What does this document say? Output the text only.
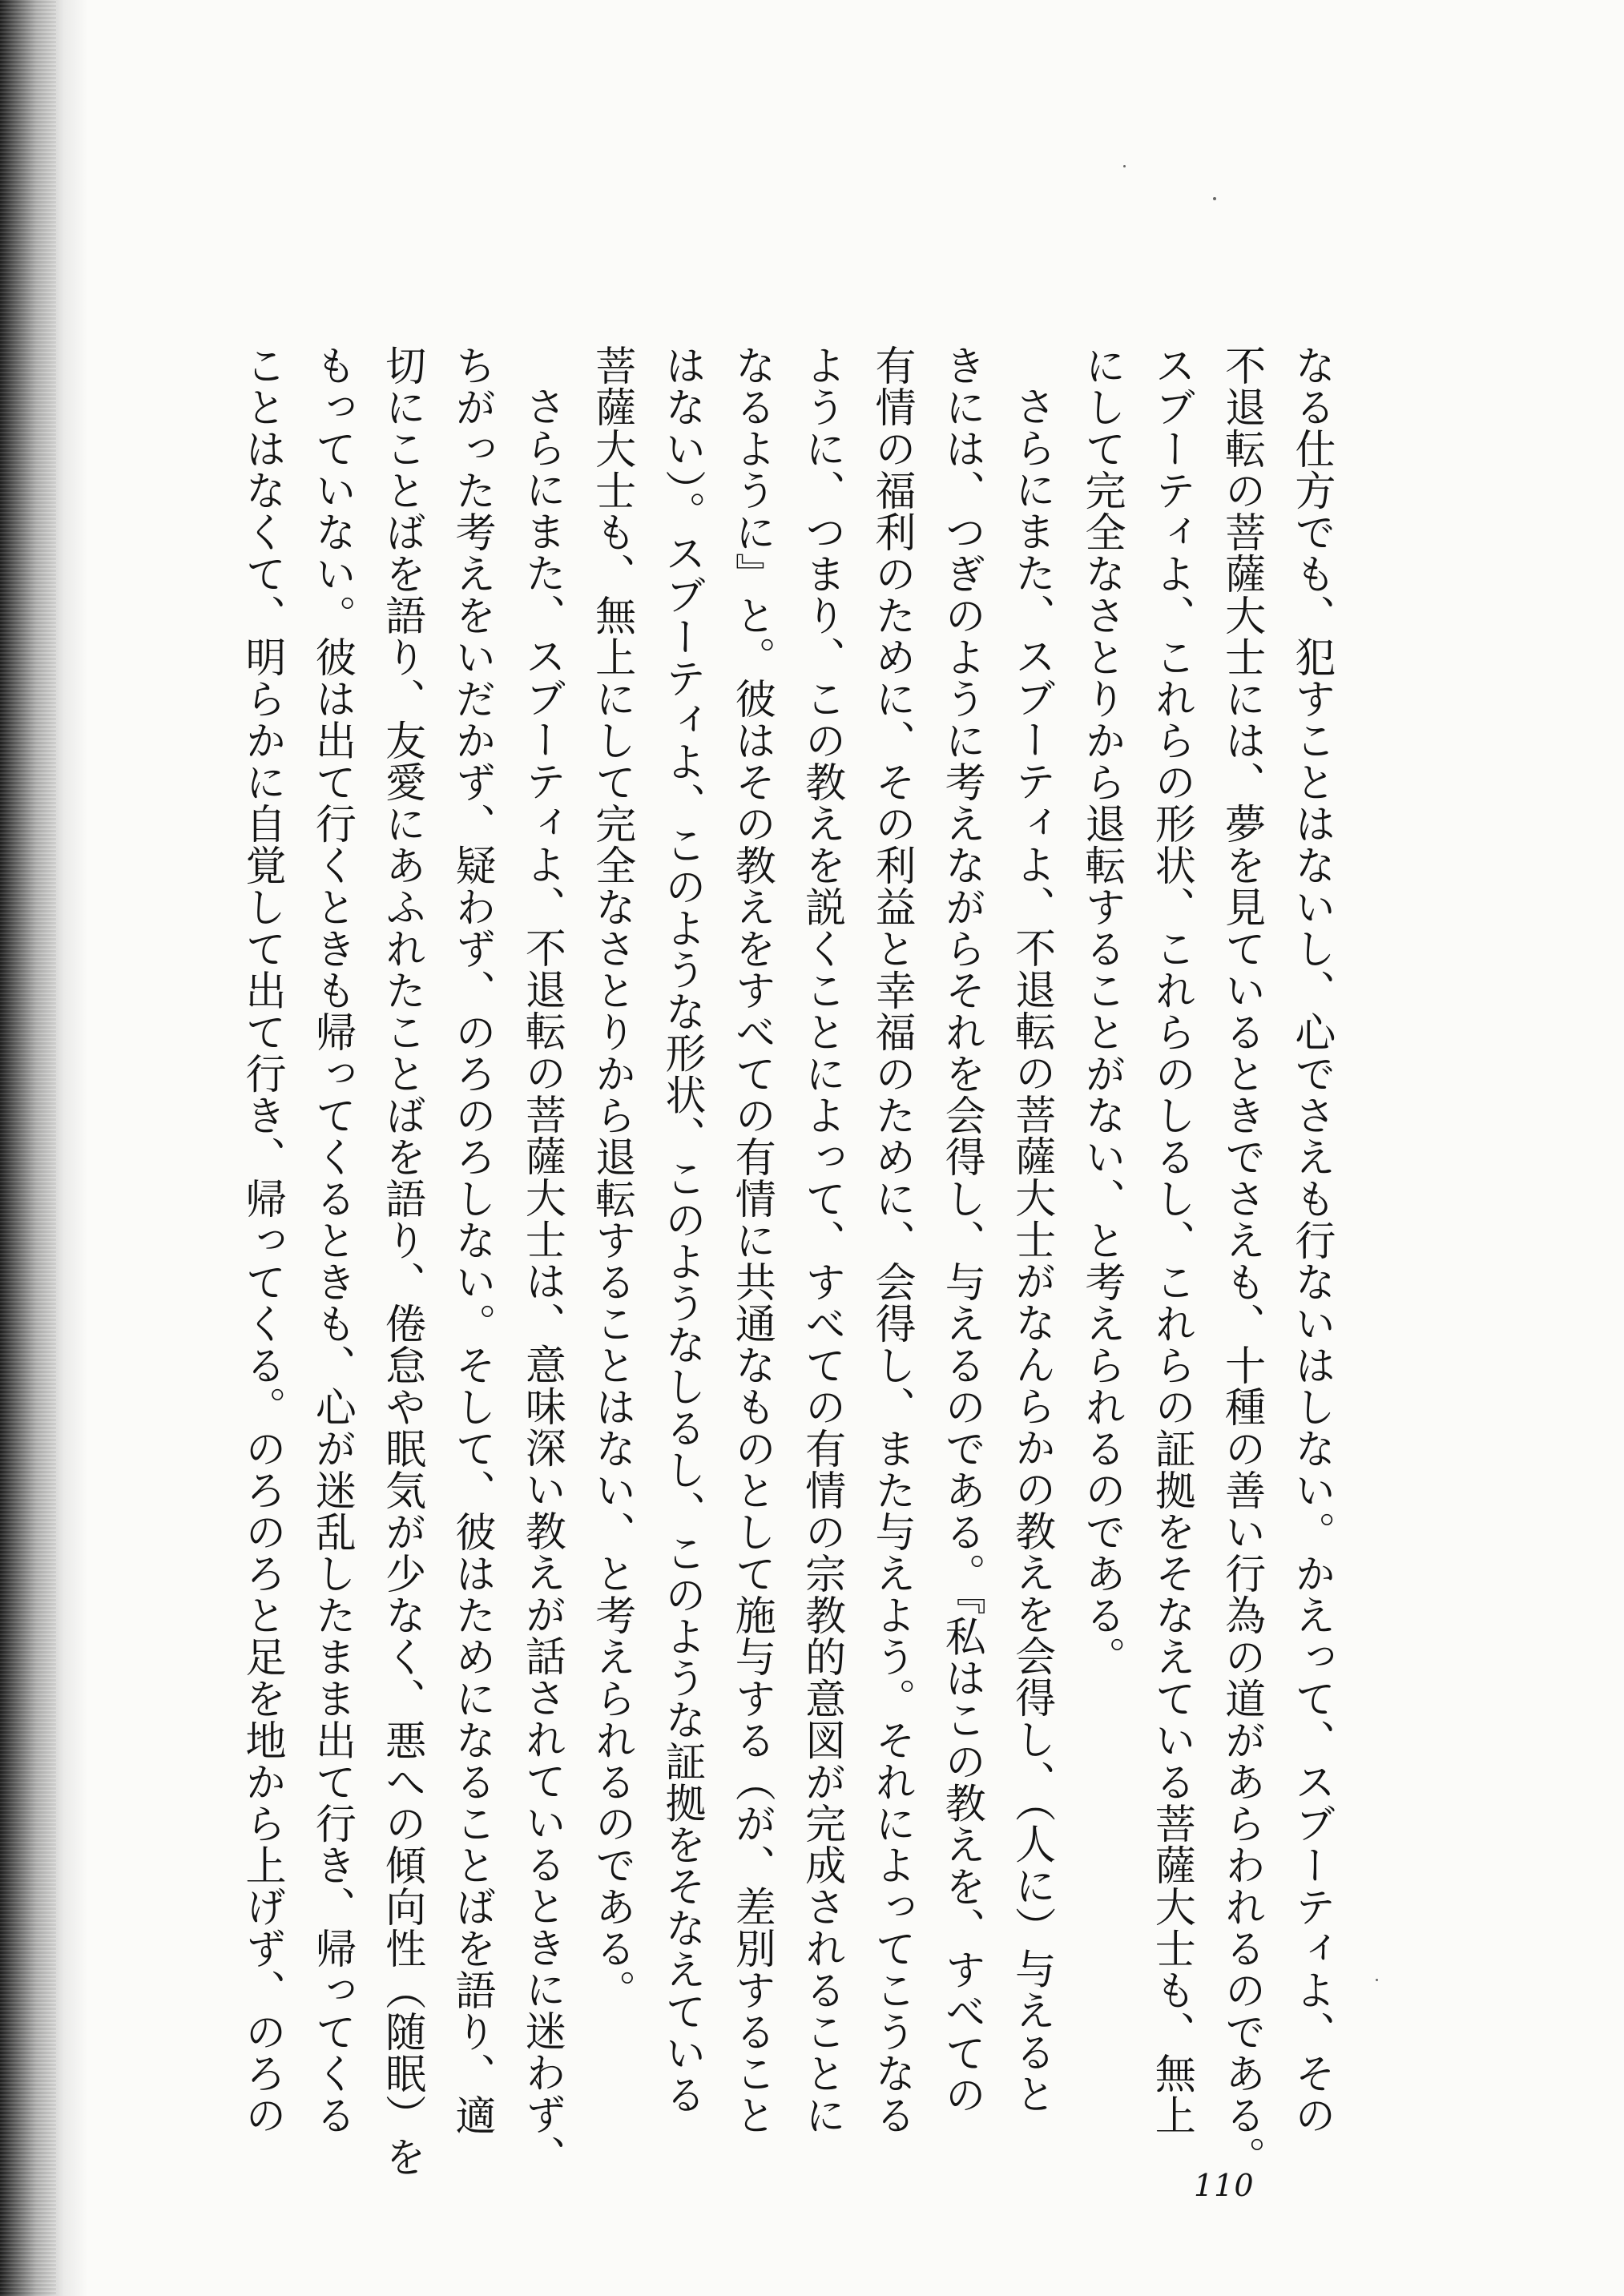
なる仕方でも、犯すことはないし、心でさえも行ないはしない。かえって、スブーティよ、その
不退転の菩薩大士には、夢を見ているときでさえも、十種の善い行為の道があらわれるのである。
スブーティよ、これらの形状、これらのしるし、これらの証拠をそなえている菩薩大士も、無上
にして完全なさとりから退転することがない、と考えられるのである。
さらにまた、スブーティよ、不退転の菩薩大士がなんらかの教えを会得し、（人に）与えると
きには、つぎのように考えながらそれを会得し、与えるのである。『私はこの教えを、すべての
有情の福利のために、その利益と幸福のために、会得し、また与えよう。それによってこうなる
ように、つまり、この教えを説くことによって、すべての有情の宗教的意図が完成されることに
なるように』と。彼はその教えをすべての有情に共通なものとして施与する（が、差別すること
はない）。スブーティよ、このような形状、このようなしるし、このような証拠をそなえている
菩薩大士も、無上にして完全なさとりから退転することはない、と考えられるのである。
さらにまた、スブーティよ、不退転の菩薩大士は、意味深い教えが話されているときに迷わず、
ちがった考えをいだかず、疑わず、のろのろしない。そして、彼はためになることばを語り、適
切にことばを語り、友愛にあふれたことばを語り、倦怠や眠気が少なく、悪への傾向性（随眠）を
もっていない。彼は出て行くときも帰ってくるときも、心が迷乱したまま出て行き、帰ってくる
ことはなくて、明らかに自覚して出て行き、帰ってくる。のろのろと足を地から上げず、のろの
110
